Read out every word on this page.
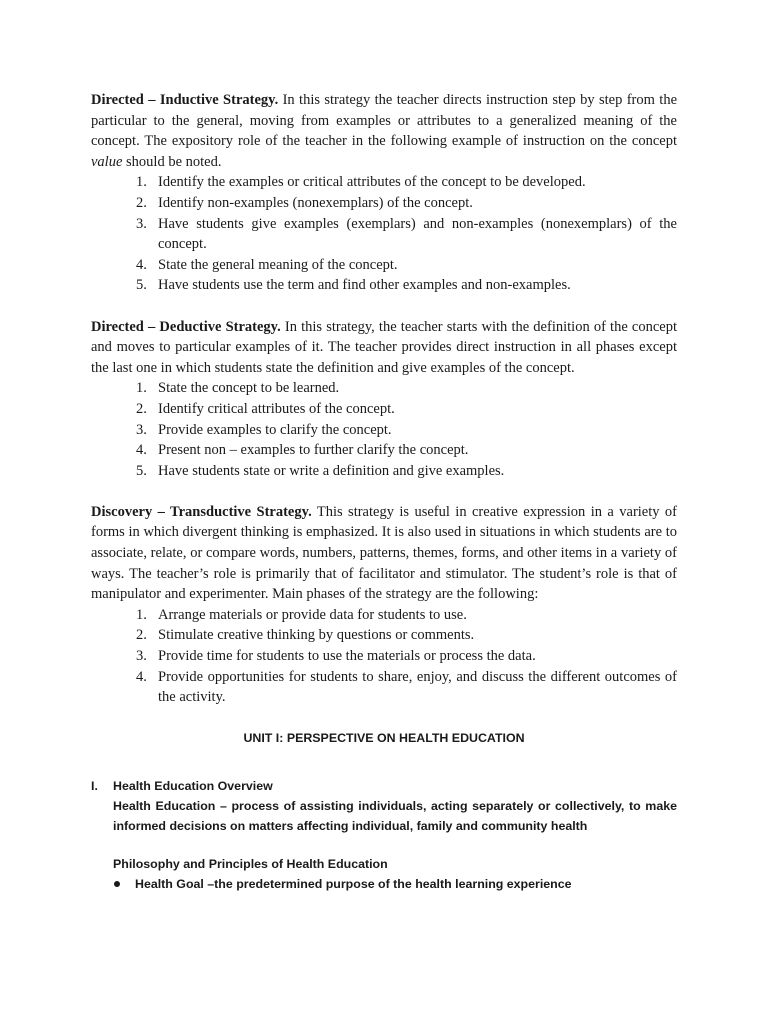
Directed – Inductive Strategy. In this strategy the teacher directs instruction step by step from the particular to the general, moving from examples or attributes to a generalized meaning of the concept. The expository role of the teacher in the following example of instruction on the concept value should be noted.

1. Identify the examples or critical attributes of the concept to be developed.
2. Identify non-examples (nonexemplars) of the concept.
3. Have students give examples (exemplars) and non-examples (nonexemplars) of the concept.
4. State the general meaning of the concept.
5. Have students use the term and find other examples and non-examples.

Directed – Deductive Strategy. In this strategy, the teacher starts with the definition of the concept and moves to particular examples of it. The teacher provides direct instruction in all phases except the last one in which students state the definition and give examples of the concept.

1. State the concept to be learned.
2. Identify critical attributes of the concept.
3. Provide examples to clarify the concept.
4. Present non – examples to further clarify the concept.
5. Have students state or write a definition and give examples.

Discovery – Transductive Strategy. This strategy is useful in creative expression in a variety of forms in which divergent thinking is emphasized. It is also used in situations in which students are to associate, relate, or compare words, numbers, patterns, themes, forms, and other items in a variety of ways. The teacher’s role is primarily that of facilitator and stimulator. The student’s role is that of manipulator and experimenter. Main phases of the strategy are the following:

1. Arrange materials or provide data for students to use.
2. Stimulate creative thinking by questions or comments.
3. Provide time for students to use the materials or process the data.
4. Provide opportunities for students to share, enjoy, and discuss the different outcomes of the activity.
UNIT I: PERSPECTIVE ON HEALTH EDUCATION
I.	Health Education Overview
Health Education – process of assisting individuals, acting separately or collectively, to make informed decisions on matters affecting individual, family and community health
Philosophy and Principles of Health Education
Health Goal –the predetermined purpose of the health learning experience
